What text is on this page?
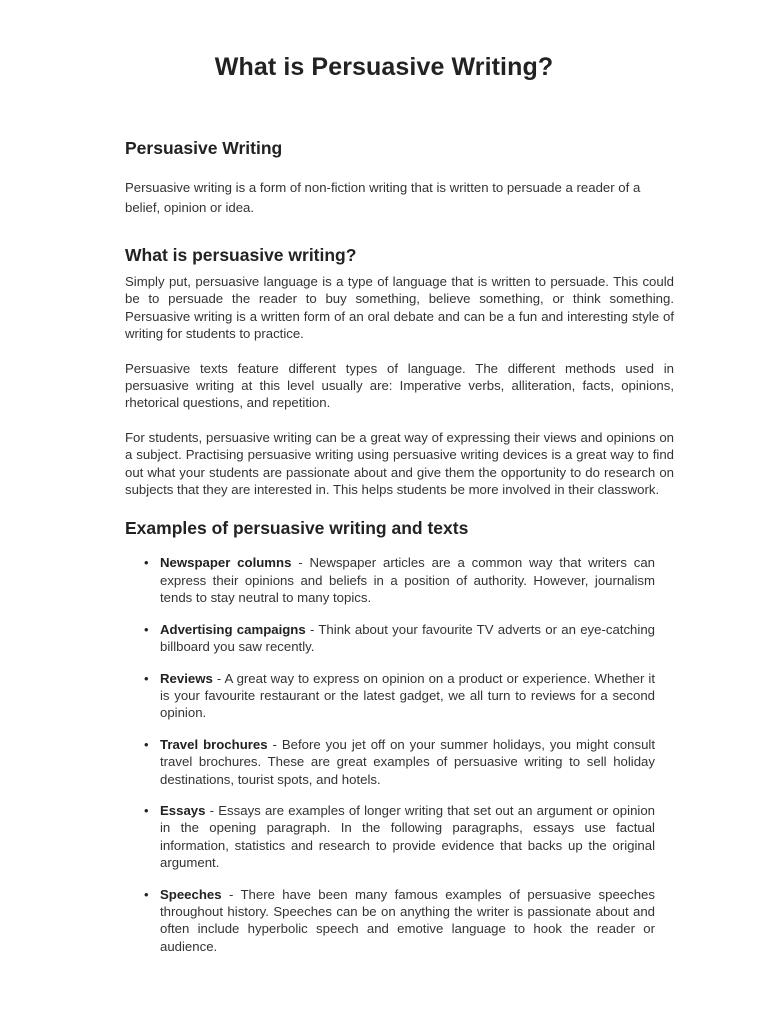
What is Persuasive Writing?
Persuasive Writing

Persuasive writing is a form of non-fiction writing that is written to persuade a reader of a belief, opinion or idea.

What is persuasive writing?

Simply put, persuasive language is a type of language that is written to persuade. This could be to persuade the reader to buy something, believe something, or think something. Persuasive writing is a written form of an oral debate and can be a fun and interesting style of writing for students to practice.

Persuasive texts feature different types of language. The different methods used in persuasive writing at this level usually are: Imperative verbs, alliteration, facts, opinions, rhetorical questions, and repetition.

For students, persuasive writing can be a great way of expressing their views and opinions on a subject. Practising persuasive writing using persuasive writing devices is a great way to find out what your students are passionate about and give them the opportunity to do research on subjects that they are interested in. This helps students be more involved in their classwork.

Examples of persuasive writing and texts
• Newspaper columns - Newspaper articles are a common way that writers can express their opinions and beliefs in a position of authority. However, journalism tends to stay neutral to many topics.
• Advertising campaigns - Think about your favourite TV adverts or an eye-catching billboard you saw recently.
• Reviews - A great way to express on opinion on a product or experience. Whether it is your favourite restaurant or the latest gadget, we all turn to reviews for a second opinion.
• Travel brochures - Before you jet off on your summer holidays, you might consult travel brochures. These are great examples of persuasive writing to sell holiday destinations, tourist spots, and hotels.
• Essays - Essays are examples of longer writing that set out an argument or opinion in the opening paragraph. In the following paragraphs, essays use factual information, statistics and research to provide evidence that backs up the original argument.
• Speeches - There have been many famous examples of persuasive speeches throughout history. Speeches can be on anything the writer is passionate about and often include hyperbolic speech and emotive language to hook the reader or audience.
